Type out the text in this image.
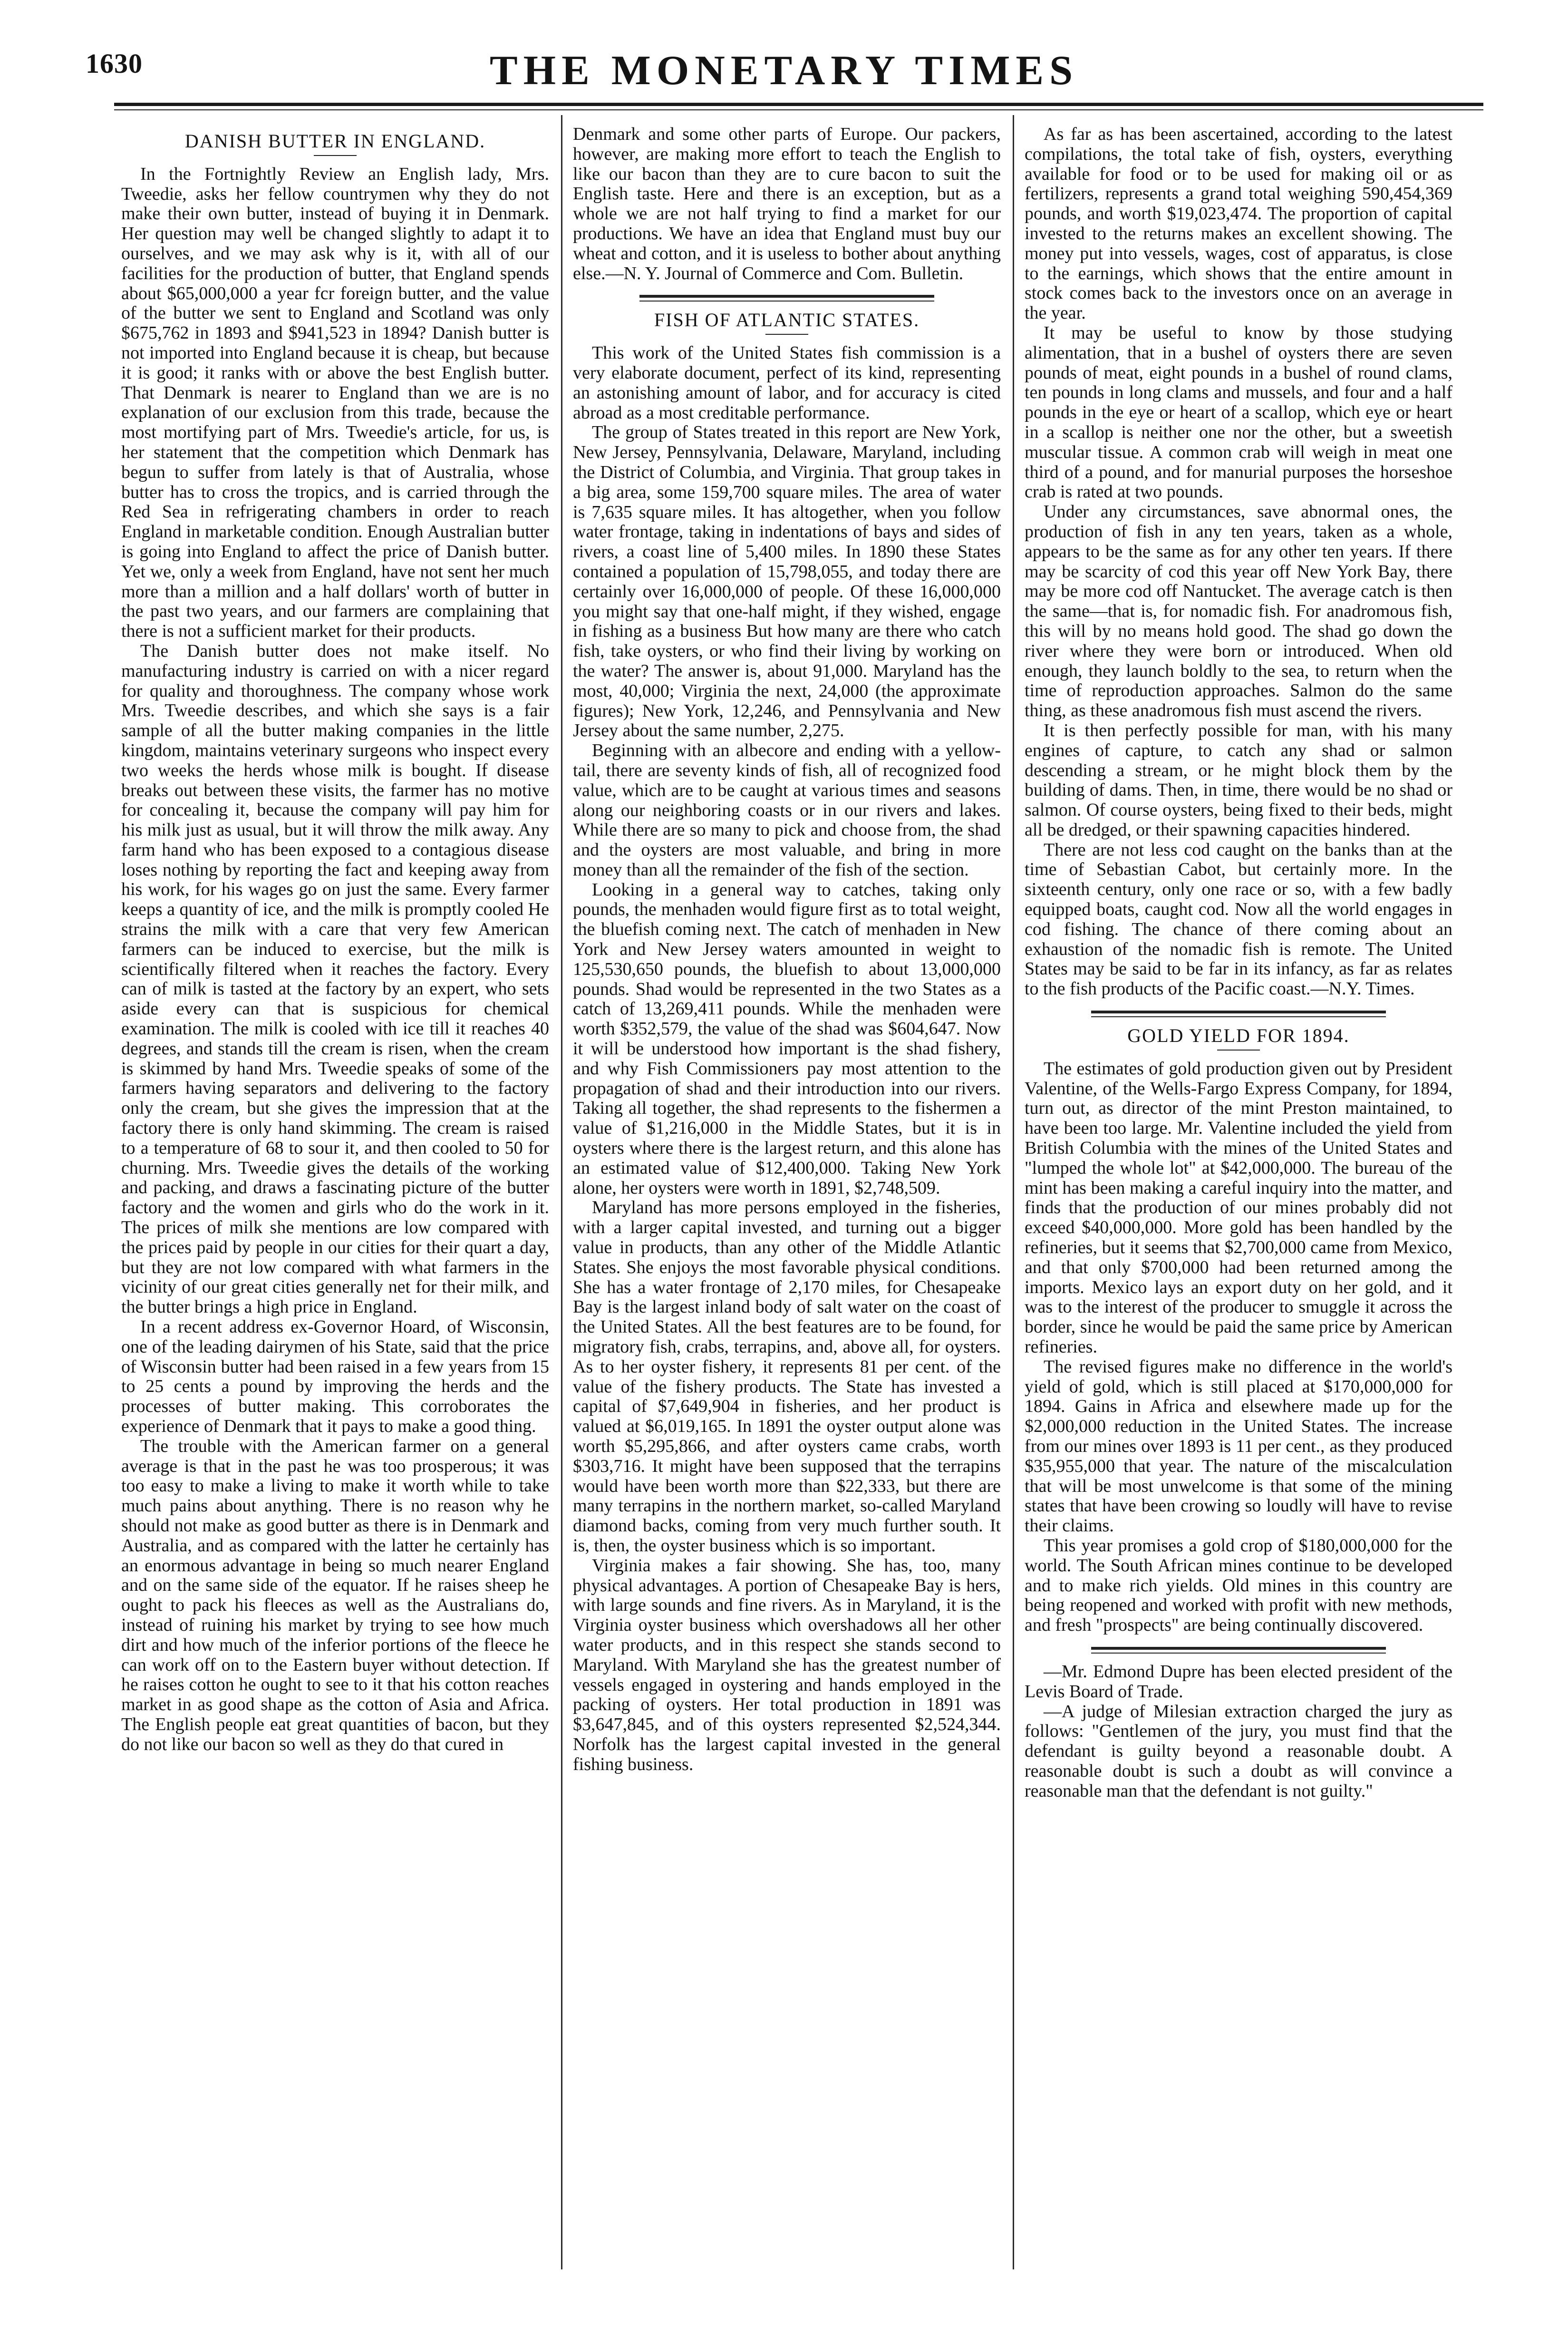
1630	THE MONETARY TIMES
DANISH BUTTER IN ENGLAND.

In the Fortnightly Review an English lady, Mrs. Tweedie, asks her fellow countrymen why they do not make their own butter, instead of buying it in Denmark. Her question may well be changed slightly to adapt it to ourselves, and we may ask why is it, with all of our facilities for the production of butter, that England spends about $65,000,000 a year fcr foreign butter, and the value of the butter we sent to England and Scotland was only $675,762 in 1893 and $941,523 in 1894? Danish butter is not imported into England because it is cheap, but because it is good; it ranks with or above the best English butter. That Denmark is nearer to England than we are is no explanation of our exclusion from this trade, because the most mortifying part of Mrs. Tweedie's article, for us, is her statement that the competition which Denmark has begun to suffer from lately is that of Australia, whose butter has to cross the tropics, and is carried through the Red Sea in refrigerating chambers in order to reach England in marketable condition. Enough Australian butter is going into England to affect the price of Danish butter. Yet we, only a week from England, have not sent her much more than a million and a half dollars' worth of butter in the past two years, and our farmers are complaining that there is not a sufficient market for their products.

The Danish butter does not make itself. No manufacturing industry is carried on with a nicer regard for quality and thoroughness. The company whose work Mrs. Tweedie describes, and which she says is a fair sample of all the butter making companies in the little kingdom, maintains veterinary surgeons who inspect every two weeks the herds whose milk is bought. If disease breaks out between these visits, the farmer has no motive for concealing it, because the company will pay him for his milk just as usual, but it will throw the milk away. Any farm hand who has been exposed to a contagious disease loses nothing by reporting the fact and keeping away from his work, for his wages go on just the same. Every farmer keeps a quantity of ice, and the milk is promptly cooled He strains the milk with a care that very few American farmers can be induced to exercise, but the milk is scientifically filtered when it reaches the factory. Every can of milk is tasted at the factory by an expert, who sets aside every can that is suspicious for chemical examination. The milk is cooled with ice till it reaches 40 degrees, and stands till the cream is risen, when the cream is skimmed by hand Mrs. Tweedie speaks of some of the farmers having separators and delivering to the factory only the cream, but she gives the impression that at the factory there is only hand skimming. The cream is raised to a temperature of 68 to sour it, and then cooled to 50 for churning. Mrs. Tweedie gives the details of the working and packing, and draws a fascinating picture of the butter factory and the women and girls who do the work in it. The prices of milk she mentions are low compared with the prices paid by people in our cities for their quart a day, but they are not low compared with what farmers in the vicinity of our great cities generally net for their milk, and the butter brings a high price in England.

In a recent address ex-Governor Hoard, of Wisconsin, one of the leading dairymen of his State, said that the price of Wisconsin butter had been raised in a few years from 15 to 25 cents a pound by improving the herds and the processes of butter making. This corroborates the experience of Denmark that it pays to make a good thing.

The trouble with the American farmer on a general average is that in the past he was too prosperous; it was too easy to make a living to make it worth while to take much pains about anything. There is no reason why he should not make as good butter as there is in Denmark and Australia, and as compared with the latter he certainly has an enormous advantage in being so much nearer England and on the same side of the equator. If he raises sheep he ought to pack his fleeces as well as the Australians do, instead of ruining his market by trying to see how much dirt and how much of the inferior portions of the fleece he can work off on to the Eastern buyer without detection. If he raises cotton he ought to see to it that his cotton reaches market in as good shape as the cotton of Asia and Africa. The English people eat great quantities of bacon, but they do not like our bacon so well as they do that cured in

Denmark and some other parts of Europe. Our packers, however, are making more effort to teach the English to like our bacon than they are to cure bacon to suit the English taste. Here and there is an exception, but as a whole we are not half trying to find a market for our productions. We have an idea that England must buy our wheat and cotton, and it is useless to bother about anything else.—N. Y. Journal of Commerce and Com. Bulletin.

FISH OF ATLANTIC STATES.

This work of the United States fish commission is a very elaborate document, perfect of its kind, representing an astonishing amount of labor, and for accuracy is cited abroad as a most creditable performance.

The group of States treated in this report are New York, New Jersey, Pennsylvania, Delaware, Maryland, including the District of Columbia, and Virginia. That group takes in a big area, some 159,700 square miles. The area of water is 7,635 square miles. It has altogether, when you follow water frontage, taking in indentations of bays and sides of rivers, a coast line of 5,400 miles. In 1890 these States contained a population of 15,798,055, and today there are certainly over 16,000,000 of people. Of these 16,000,000 you might say that one-half might, if they wished, engage in fishing as a business But how many are there who catch fish, take oysters, or who find their living by working on the water? The answer is, about 91,000. Maryland has the most, 40,000; Virginia the next, 24,000 (the approximate figures); New York, 12,246, and Pennsylvania and New Jersey about the same number, 2,275.

Beginning with an albecore and ending with a yellow-tail, there are seventy kinds of fish, all of recognized food value, which are to be caught at various times and seasons along our neighboring coasts or in our rivers and lakes. While there are so many to pick and choose from, the shad and the oysters are most valuable, and bring in more money than all the remainder of the fish of the section.

Looking in a general way to catches, taking only pounds, the menhaden would figure first as to total weight, the bluefish coming next. The catch of menhaden in New York and New Jersey waters amounted in weight to 125,530,650 pounds, the bluefish to about 13,000,000 pounds. Shad would be represented in the two States as a catch of 13,269,411 pounds. While the menhaden were worth $352,579, the value of the shad was $604,647. Now it will be understood how important is the shad fishery, and why Fish Commissioners pay most attention to the propagation of shad and their introduction into our rivers. Taking all together, the shad represents to the fishermen a value of $1,216,000 in the Middle States, but it is in oysters where there is the largest return, and this alone has an estimated value of $12,400,000. Taking New York alone, her oysters were worth in 1891, $2,748,509.

Maryland has more persons employed in the fisheries, with a larger capital invested, and turning out a bigger value in products, than any other of the Middle Atlantic States. She enjoys the most favorable physical conditions. She has a water frontage of 2,170 miles, for Chesapeake Bay is the largest inland body of salt water on the coast of the United States. All the best features are to be found, for migratory fish, crabs, terrapins, and, above all, for oysters. As to her oyster fishery, it represents 81 per cent. of the value of the fishery products. The State has invested a capital of $7,649,904 in fisheries, and her product is valued at $6,019,165. In 1891 the oyster output alone was worth $5,295,866, and after oysters came crabs, worth $303,716. It might have been supposed that the terrapins would have been worth more than $22,333, but there are many terrapins in the northern market, so-called Maryland diamond backs, coming from very much further south. It is, then, the oyster business which is so important.

Virginia makes a fair showing. She has, too, many physical advantages. A portion of Chesapeake Bay is hers, with large sounds and fine rivers. As in Maryland, it is the Virginia oyster business which overshadows all her other water products, and in this respect she stands second to Maryland. With Maryland she has the greatest number of vessels engaged in oystering and hands employed in the packing of oysters. Her total production in 1891 was $3,647,845, and of this oysters represented $2,524,344. Norfolk has the largest capital invested in the general fishing business.

As far as has been ascertained, according to the latest compilations, the total take of fish, oysters, everything available for food or to be used for making oil or as fertilizers, represents a grand total weighing 590,454,369 pounds, and worth $19,023,474. The proportion of capital invested to the returns makes an excellent showing. The money put into vessels, wages, cost of apparatus, is close to the earnings, which shows that the entire amount in stock comes back to the investors once on an average in the year.

It may be useful to know by those studying alimentation, that in a bushel of oysters there are seven pounds of meat, eight pounds in a bushel of round clams, ten pounds in long clams and mussels, and four and a half pounds in the eye or heart of a scallop, which eye or heart in a scallop is neither one nor the other, but a sweetish muscular tissue. A common crab will weigh in meat one third of a pound, and for manurial purposes the horseshoe crab is rated at two pounds.

Under any circumstances, save abnormal ones, the production of fish in any ten years, taken as a whole, appears to be the same as for any other ten years. If there may be scarcity of cod this year off New York Bay, there may be more cod off Nantucket. The average catch is then the same—that is, for nomadic fish. For anadromous fish, this will by no means hold good. The shad go down the river where they were born or introduced. When old enough, they launch boldly to the sea, to return when the time of reproduction approaches. Salmon do the same thing, as these anadromous fish must ascend the rivers.

It is then perfectly possible for man, with his many engines of capture, to catch any shad or salmon descending a stream, or he might block them by the building of dams. Then, in time, there would be no shad or salmon. Of course oysters, being fixed to their beds, might all be dredged, or their spawning capacities hindered.

There are not less cod caught on the banks than at the time of Sebastian Cabot, but certainly more. In the sixteenth century, only one race or so, with a few badly equipped boats, caught cod. Now all the world engages in cod fishing. The chance of there coming about an exhaustion of the nomadic fish is remote. The United States may be said to be far in its infancy, as far as relates to the fish products of the Pacific coast.—N.Y. Times.

GOLD YIELD FOR 1894.

The estimates of gold production given out by President Valentine, of the Wells-Fargo Express Company, for 1894, turn out, as director of the mint Preston maintained, to have been too large. Mr. Valentine included the yield from British Columbia with the mines of the United States and "lumped the whole lot" at $42,000,000. The bureau of the mint has been making a careful inquiry into the matter, and finds that the production of our mines probably did not exceed $40,000,000. More gold has been handled by the refineries, but it seems that $2,700,000 came from Mexico, and that only $700,000 had been returned among the imports. Mexico lays an export duty on her gold, and it was to the interest of the producer to smuggle it across the border, since he would be paid the same price by American refineries.

The revised figures make no difference in the world's yield of gold, which is still placed at $170,000,000 for 1894. Gains in Africa and elsewhere made up for the $2,000,000 reduction in the United States. The increase from our mines over 1893 is 11 per cent., as they produced $35,955,000 that year. The nature of the miscalculation that will be most unwelcome is that some of the mining states that have been crowing so loudly will have to revise their claims.

This year promises a gold crop of $180,000,000 for the world. The South African mines continue to be developed and to make rich yields. Old mines in this country are being reopened and worked with profit with new methods, and fresh "prospects" are being continually discovered.

—Mr. Edmond Dupre has been elected president of the Levis Board of Trade.

—A judge of Milesian extraction charged the jury as follows: "Gentlemen of the jury, you must find that the defendant is guilty beyond a reasonable doubt. A reasonable doubt is such a doubt as will convince a reasonable man that the defendant is not guilty."
